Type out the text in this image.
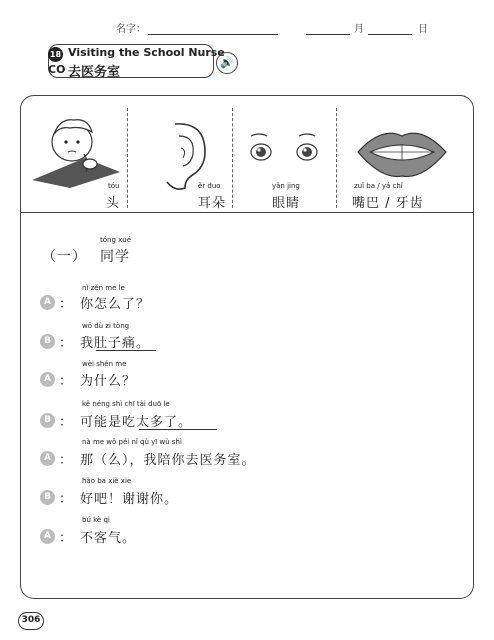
名字：	月	日
18 Visiting the School Nurse
CO 去医务室
🔊
tóu
头
ěr duo
耳朵
yǎn jing
眼睛
zuǐ ba / yá chǐ
嘴巴 / 牙齿
（一）
tóng xué
同学
A ：
nǐ zěn me le
你怎么了？
B ：
wǒ dù zi tòng
我肚子痛。
A ：
wèi shén me
为什么？
B ：
kě néng shì chī tài duō le
可能是吃太多了。
A ：
nà me wǒ péi nǐ qù yī wù shì
那（么），我陪你去医务室。
B ：
hǎo ba xiè xie
好吧！谢谢你。
A ：
bú kè qi
不客气。
306
